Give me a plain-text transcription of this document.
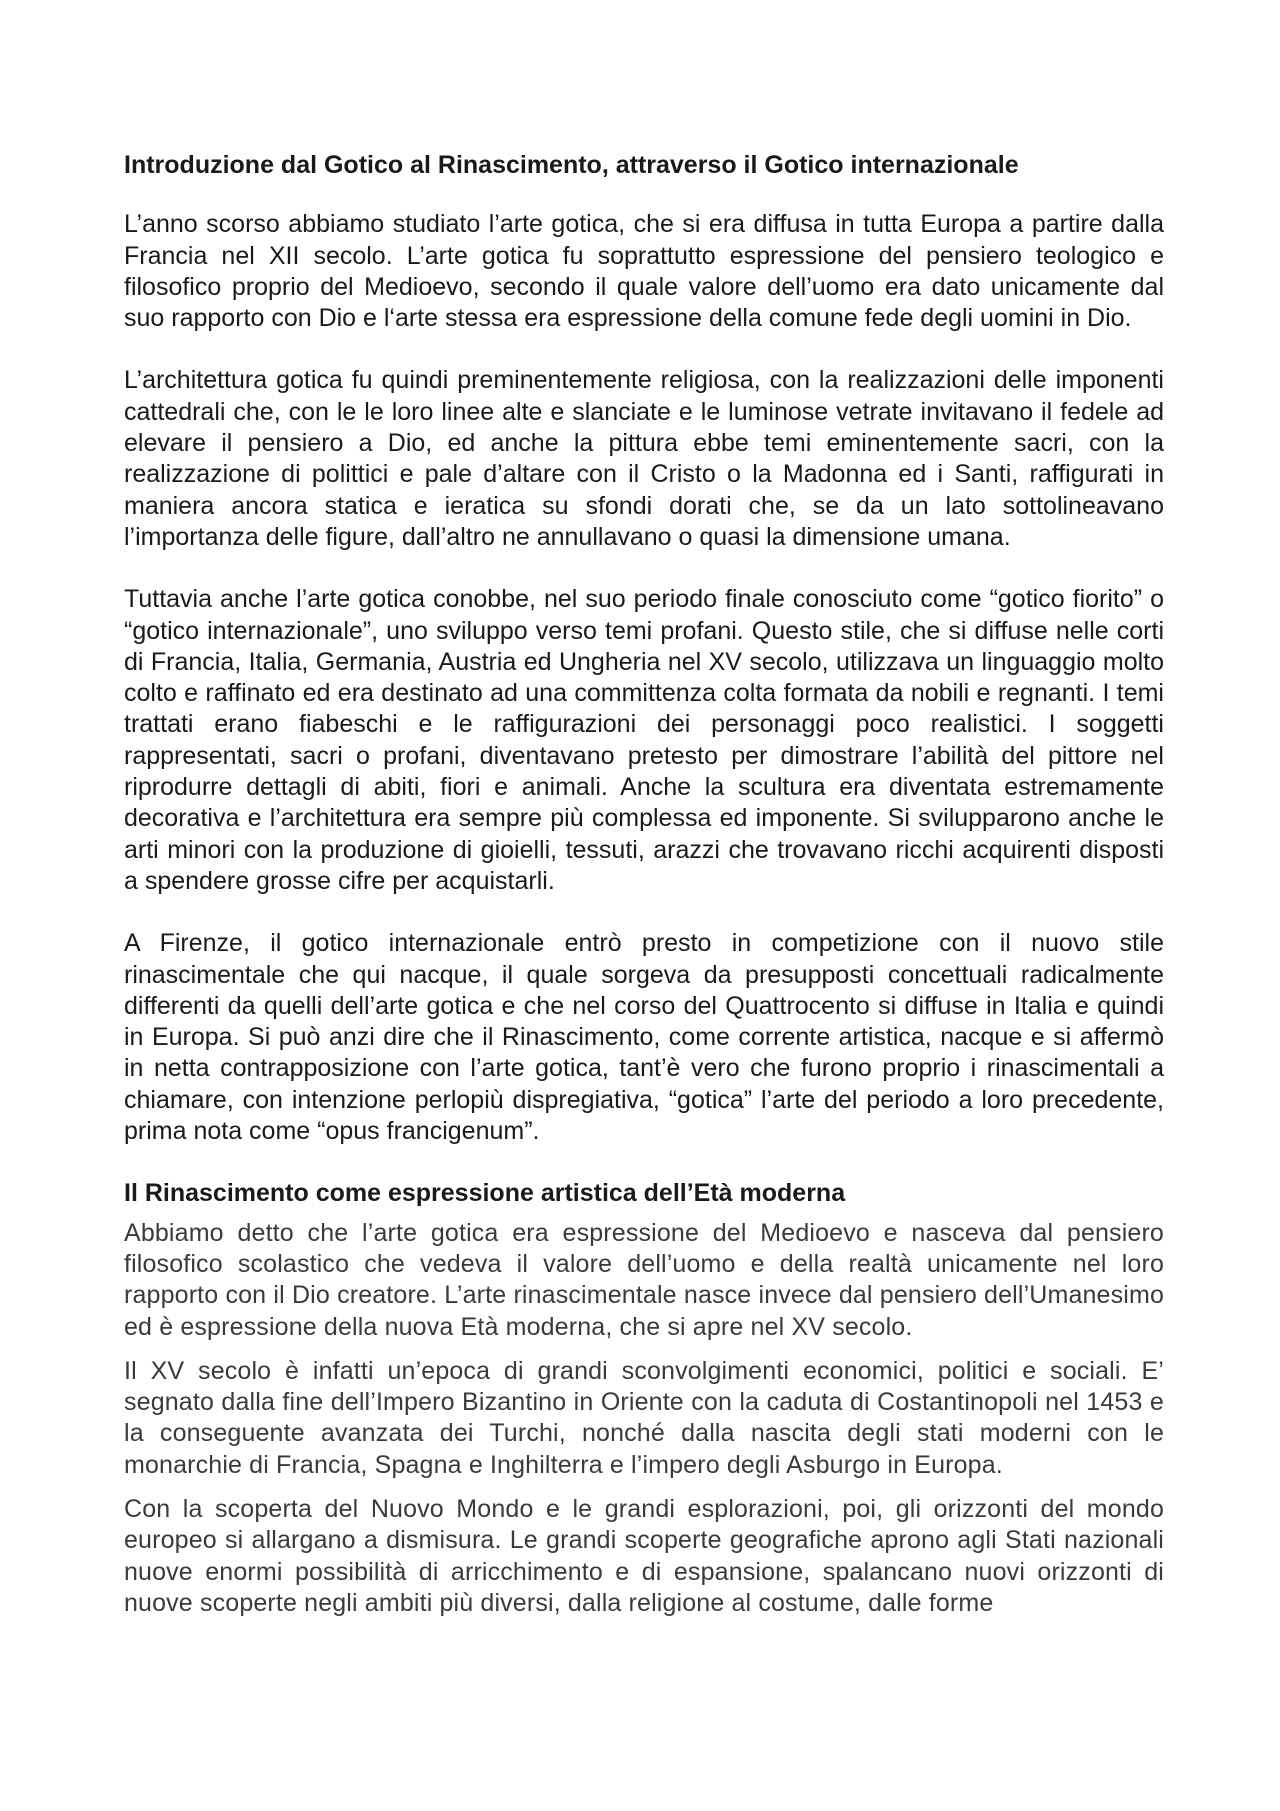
Introduzione dal Gotico al Rinascimento, attraverso il Gotico internazionale

L’anno scorso abbiamo studiato l’arte gotica, che si era diffusa in tutta Europa a partire dalla Francia nel XII secolo. L’arte gotica fu soprattutto espressione del pensiero teologico e filosofico proprio del Medioevo, secondo il quale valore dell’uomo era dato unicamente dal suo rapporto con Dio e l‘arte stessa era espressione della comune fede degli uomini in Dio.

L’architettura gotica fu quindi preminentemente religiosa, con la realizzazioni delle imponenti cattedrali che, con le le loro linee alte e slanciate e le luminose vetrate invitavano il fedele ad elevare il pensiero a Dio, ed anche la pittura ebbe temi eminentemente sacri, con la realizzazione di polittici e pale d’altare con il Cristo o la Madonna ed i Santi, raffigurati in maniera ancora statica e ieratica su sfondi dorati che, se da un lato sottolineavano l’importanza delle figure, dall’altro ne annullavano o quasi la dimensione umana.

Tuttavia anche l’arte gotica conobbe, nel suo periodo finale conosciuto come “gotico fiorito” o “gotico internazionale”, uno sviluppo verso temi profani. Questo stile, che si diffuse nelle corti di Francia, Italia, Germania, Austria ed Ungheria nel XV secolo, utilizzava un linguaggio molto colto e raffinato ed era destinato ad una committenza colta formata da nobili e regnanti. I temi trattati erano fiabeschi e le raffigurazioni dei personaggi poco realistici. I soggetti rappresentati, sacri o profani, diventavano pretesto per dimostrare l’abilità del pittore nel riprodurre dettagli di abiti, fiori e animali. Anche la scultura era diventata estremamente decorativa e l’architettura era sempre più complessa ed imponente. Si svilupparono anche le arti minori con la produzione di gioielli, tessuti, arazzi che trovavano ricchi acquirenti disposti a spendere grosse cifre per acquistarli.

A Firenze, il gotico internazionale entrò presto in competizione con il nuovo stile rinascimentale che qui nacque, il quale sorgeva da presupposti concettuali radicalmente differenti da quelli dell’arte gotica e che nel corso del Quattrocento si diffuse in Italia e quindi in Europa. Si può anzi dire che il Rinascimento, come corrente artistica, nacque e si affermò in netta contrapposizione con l’arte gotica, tant’è vero che furono proprio i rinascimentali a chiamare, con intenzione perlopiù dispregiativa, “gotica” l’arte del periodo a loro precedente, prima nota come “opus francigenum”.

Il Rinascimento come espressione artistica dell’Età moderna

Abbiamo detto che l’arte gotica era espressione del Medioevo e nasceva dal pensiero filosofico scolastico che vedeva il valore dell’uomo e della realtà unicamente nel loro rapporto con il Dio creatore. L’arte rinascimentale nasce invece dal pensiero dell’Umanesimo ed è espressione della nuova Età moderna, che si apre nel XV secolo.

Il XV secolo è infatti un’epoca di grandi sconvolgimenti economici, politici e sociali. E’ segnato dalla fine dell’Impero Bizantino in Oriente con la caduta di Costantinopoli nel 1453 e la conseguente avanzata dei Turchi, nonché dalla nascita degli stati moderni con le monarchie di Francia, Spagna e Inghilterra e l’impero degli Asburgo in Europa.

Con la scoperta del Nuovo Mondo e le grandi esplorazioni, poi, gli orizzonti del mondo europeo si allargano a dismisura. Le grandi scoperte geografiche aprono agli Stati nazionali nuove enormi possibilità di arricchimento e di espansione, spalancano nuovi orizzonti di nuove scoperte negli ambiti più diversi, dalla religione al costume, dalle forme
